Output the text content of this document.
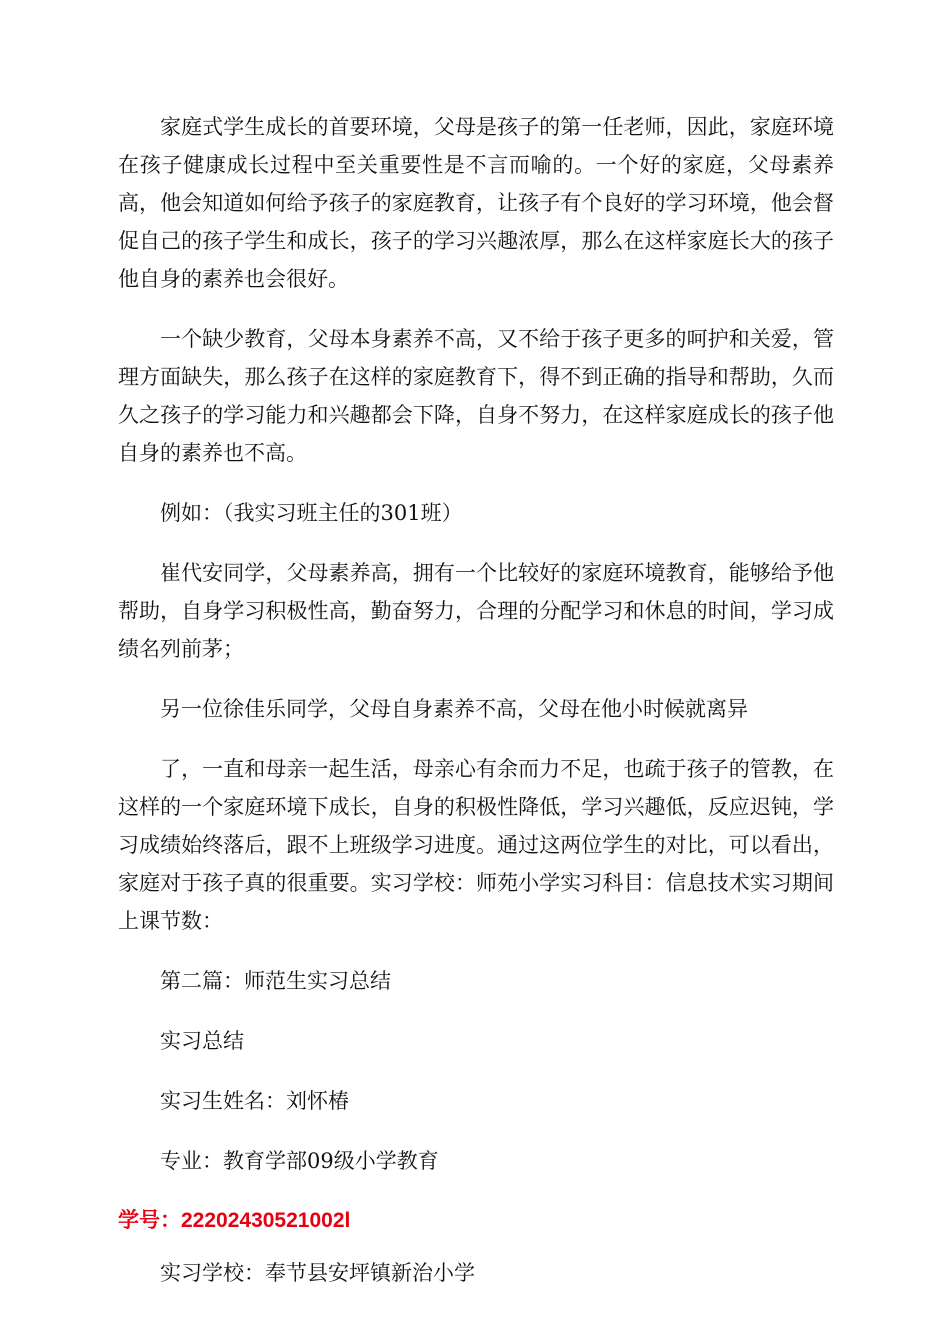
家庭式学生成长的首要环境，父母是孩子的第一任老师，因此，家庭环境在孩子健康成长过程中至关重要性是不言而喻的。一个好的家庭，父母素养高，他会知道如何给予孩子的家庭教育，让孩子有个良好的学习环境，他会督促自己的孩子学生和成长，孩子的学习兴趣浓厚，那么在这样家庭长大的孩子他自身的素养也会很好。

一个缺少教育，父母本身素养不高，又不给于孩子更多的呵护和关爱，管理方面缺失，那么孩子在这样的家庭教育下，得不到正确的指导和帮助，久而久之孩子的学习能力和兴趣都会下降，自身不努力，在这样家庭成长的孩子他自身的素养也不高。

例如：（我实习班主任的301班）

崔代安同学，父母素养高，拥有一个比较好的家庭环境教育，能够给予他帮助，自身学习积极性高，勤奋努力，合理的分配学习和休息的时间，学习成绩名列前茅；

另一位徐佳乐同学，父母自身素养不高，父母在他小时候就离异

了，一直和母亲一起生活，母亲心有余而力不足，也疏于孩子的管教，在这样的一个家庭环境下成长，自身的积极性降低，学习兴趣低，反应迟钝，学习成绩始终落后，跟不上班级学习进度。通过这两位学生的对比，可以看出，家庭对于孩子真的很重要。实习学校：师苑小学实习科目：信息技术实习期间上课节数：

第二篇：师范生实习总结

实习总结

实习生姓名：刘怀椿

专业：教育学部09级小学教育

学号：22202430521002l

实习学校：奉节县安坪镇新治小学
